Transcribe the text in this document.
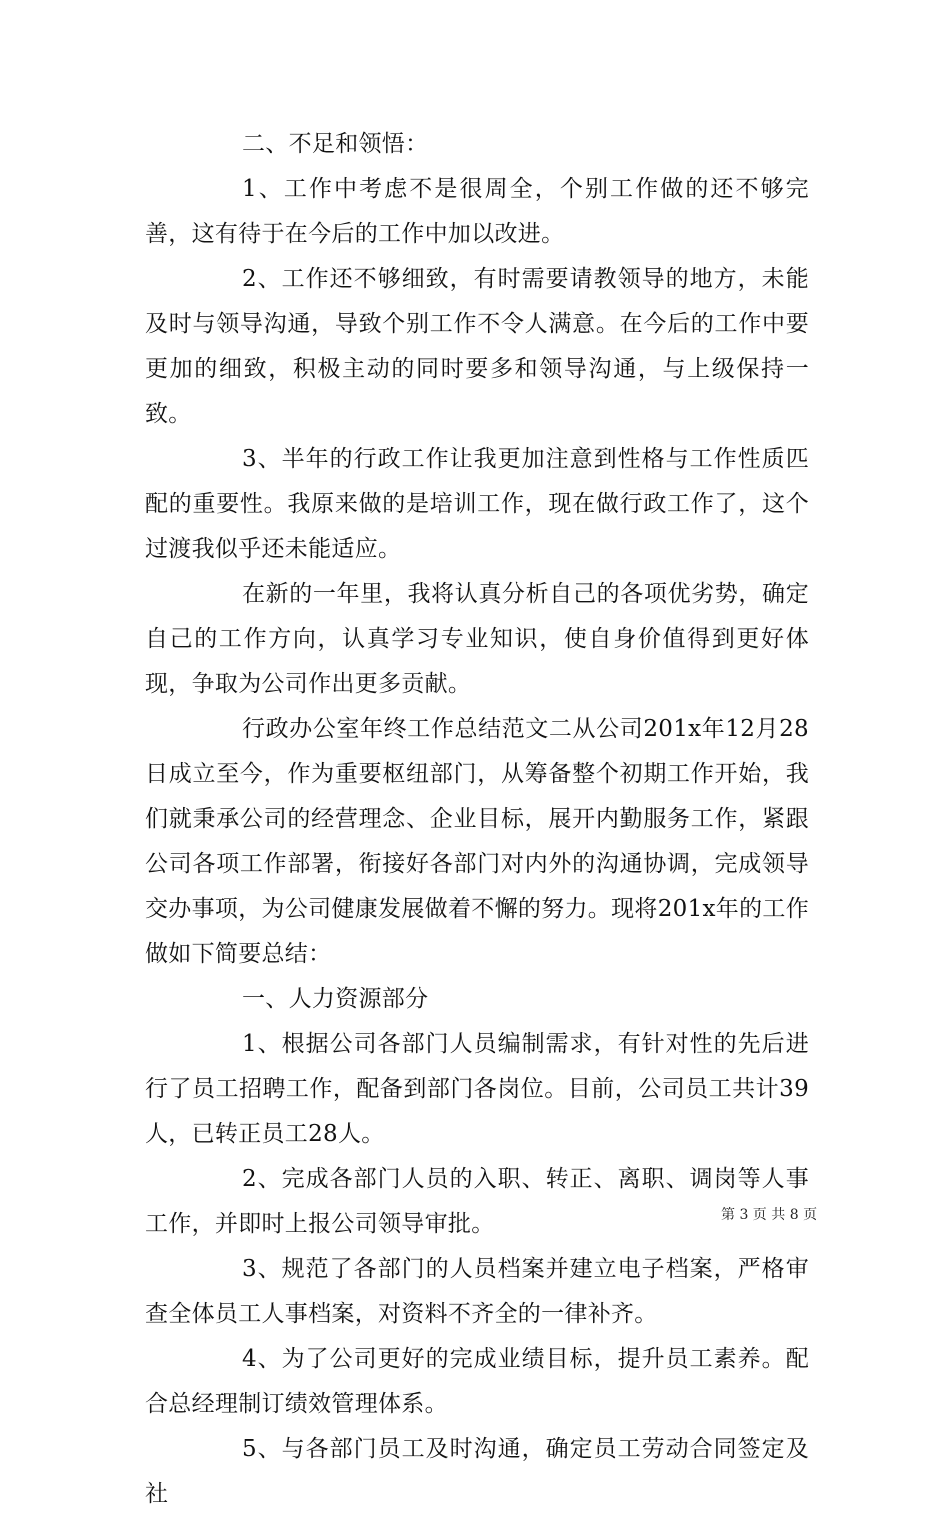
二、不足和领悟：

1、工作中考虑不是很周全，个别工作做的还不够完善，这有待于在今后的工作中加以改进。

2、工作还不够细致，有时需要请教领导的地方，未能及时与领导沟通，导致个别工作不令人满意。在今后的工作中要更加的细致，积极主动的同时要多和领导沟通，与上级保持一致。

3、半年的行政工作让我更加注意到性格与工作性质匹配的重要性。我原来做的是培训工作，现在做行政工作了，这个过渡我似乎还未能适应。

在新的一年里，我将认真分析自己的各项优劣势，确定自己的工作方向，认真学习专业知识，使自身价值得到更好体现，争取为公司作出更多贡献。

行政办公室年终工作总结范文二从公司201x年12月28日成立至今，作为重要枢纽部门，从筹备整个初期工作开始，我们就秉承公司的经营理念、企业目标，展开内勤服务工作，紧跟公司各项工作部署，衔接好各部门对内外的沟通协调，完成领导交办事项，为公司健康发展做着不懈的努力。现将201x年的工作做如下简要总结：

一、人力资源部分

1、根据公司各部门人员编制需求，有针对性的先后进行了员工招聘工作，配备到部门各岗位。目前，公司员工共计39人，已转正员工28人。

2、完成各部门人员的入职、转正、离职、调岗等人事工作，并即时上报公司领导审批。

3、规范了各部门的人员档案并建立电子档案，严格审查全体员工人事档案，对资料不齐全的一律补齐。

4、为了公司更好的完成业绩目标，提升员工素养。配合总经理制订绩效管理体系。

5、与各部门员工及时沟通，确定员工劳动合同签定及社

第 3 页 共 8 页
